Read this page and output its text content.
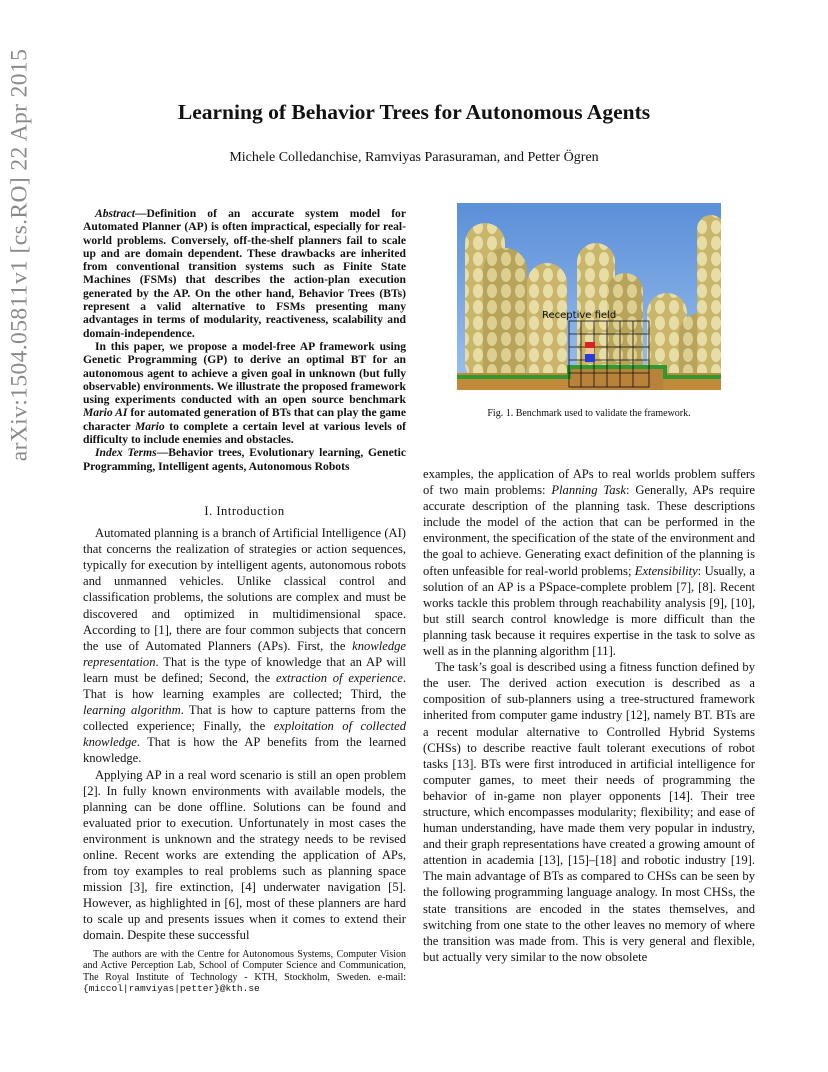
arXiv:1504.05811v1 [cs.RO] 22 Apr 2015	Learning of Behavior Trees for Autonomous Agents
Michele Colledanchise, Ramviyas Parasuraman, and Petter Ögren

Abstract—Definition of an accurate system model for Automated Planner (AP) is often impractical, especially for real-world problems. Conversely, off-the-shelf planners fail to scale up and are domain dependent. These drawbacks are inherited from conventional transition systems such as Finite State Machines (FSMs) that describes the action-plan execution generated by the AP. On the other hand, Behavior Trees (BTs) represent a valid alternative to FSMs presenting many advantages in terms of modularity, reactiveness, scalability and domain-independence.

In this paper, we propose a model-free AP framework using Genetic Programming (GP) to derive an optimal BT for an autonomous agent to achieve a given goal in unknown (but fully observable) environments. We illustrate the proposed framework using experiments conducted with an open source benchmark Mario AI for automated generation of BTs that can play the game character Mario to complete a certain level at various levels of difficulty to include enemies and obstacles.

Index Terms—Behavior trees, Evolutionary learning, Genetic Programming, Intelligent agents, Autonomous Robots

I. Introduction

Automated planning is a branch of Artificial Intelligence (AI) that concerns the realization of strategies or action sequences, typically for execution by intelligent agents, autonomous robots and unmanned vehicles. Unlike classical control and classification problems, the solutions are complex and must be discovered and optimized in multidimensional space. According to [1], there are four common subjects that concern the use of Automated Planners (APs). First, the knowledge representation. That is the type of knowledge that an AP will learn must be defined; Second, the extraction of experience. That is how learning examples are collected; Third, the learning algorithm. That is how to capture patterns from the collected experience; Finally, the exploitation of collected knowledge. That is how the AP benefits from the learned knowledge.

Applying AP in a real word scenario is still an open problem [2]. In fully known environments with available models, the planning can be done offline. Solutions can be found and evaluated prior to execution. Unfortunately in most cases the environment is unknown and the strategy needs to be revised online. Recent works are extending the application of APs, from toy examples to real problems such as planning space mission [3], fire extinction, [4] underwater navigation [5]. However, as highlighted in [6], most of these planners are hard to scale up and presents issues when it comes to extend their domain. Despite these successful

The authors are with the Centre for Autonomous Systems, Computer Vision and Active Perception Lab, School of Computer Science and Communication, The Royal Institute of Technology - KTH, Stockholm, Sweden. e-mail: {miccol|ramviyas|petter}@kth.se

Receptive field
Fig. 1. Benchmark used to validate the framework.

examples, the application of APs to real worlds problem suffers of two main problems: Planning Task: Generally, APs require accurate description of the planning task. These descriptions include the model of the action that can be performed in the environment, the specification of the state of the environment and the goal to achieve. Generating exact definition of the planning is often unfeasible for real-world problems; Extensibility: Usually, a solution of an AP is a PSpace-complete problem [7], [8]. Recent works tackle this problem through reachability analysis [9], [10], but still search control knowledge is more difficult than the planning task because it requires expertise in the task to solve as well as in the planning algorithm [11].

The task’s goal is described using a fitness function defined by the user. The derived action execution is described as a composition of sub-planners using a tree-structured framework inherited from computer game industry [12], namely BT. BTs are a recent modular alternative to Controlled Hybrid Systems (CHSs) to describe reactive fault tolerant executions of robot tasks [13]. BTs were first introduced in artificial intelligence for computer games, to meet their needs of programming the behavior of in-game non player opponents [14]. Their tree structure, which encompasses modularity; flexibility; and ease of human understanding, have made them very popular in industry, and their graph representations have created a growing amount of attention in academia [13], [15]–[18] and robotic industry [19]. The main advantage of BTs as compared to CHSs can be seen by the following programming language analogy. In most CHSs, the state transitions are encoded in the states themselves, and switching from one state to the other leaves no memory of where the transition was made from. This is very general and flexible, but actually very similar to the now obsolete
